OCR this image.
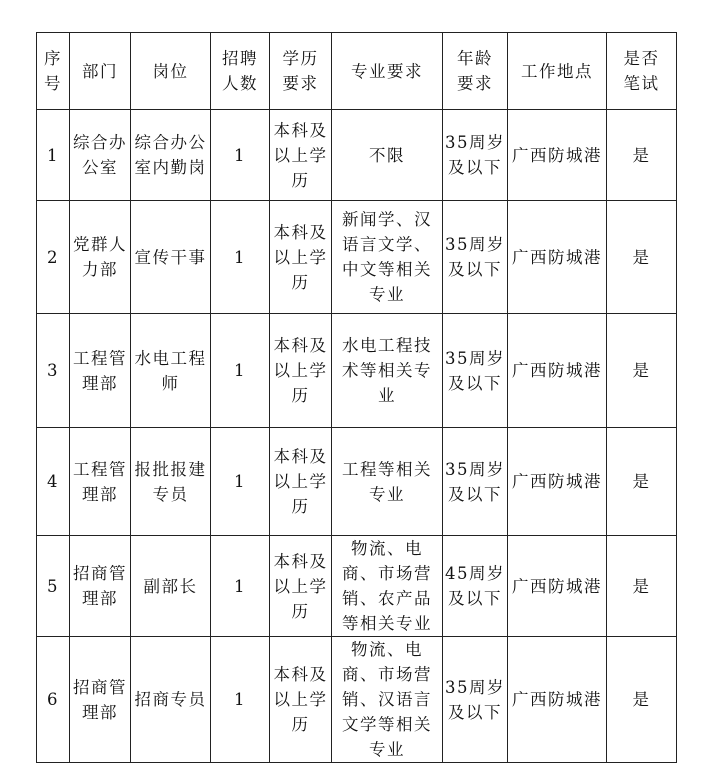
序号	部门	岗位	招聘人数	学历要求	专业要求	年龄要求	工作地点	是否笔试

1	综合办公室	综合办公室内勤岗	1	本科及以上学历	不限	35周岁及以下	广西防城港	是

2	党群人力部	宣传干事	1	本科及以上学历	新闻学、汉语言文学、中文等相关专业	35周岁及以下	广西防城港	是

3	工程管理部	水电工程师	1	本科及以上学历	水电工程技术等相关专业	35周岁及以下	广西防城港	是

4	工程管理部	报批报建专员	1	本科及以上学历	工程等相关专业	35周岁及以下	广西防城港	是

5	招商管理部	副部长	1	本科及以上学历	物流、电商、市场营销、农产品等相关专业	45周岁及以下	广西防城港	是

6	招商管理部	招商专员	1	本科及以上学历	物流、电商、市场营销、汉语言文学等相关专业	35周岁及以下	广西防城港	是
